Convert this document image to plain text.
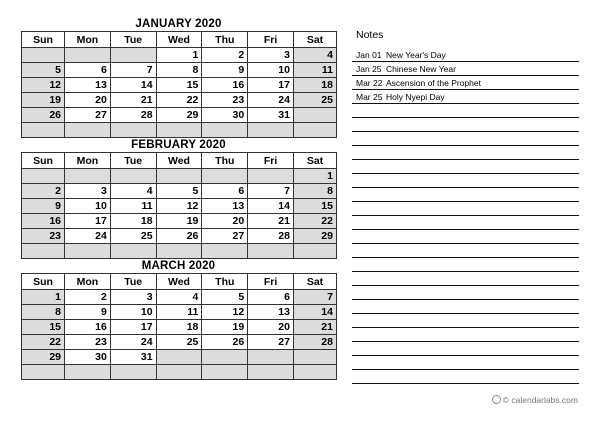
JANUARY 2020
Sun	Mon	Tue	Wed	Thu	Fri	Sat
			1	2	3	4
5	6	7	8	9	10	11
12	13	14	15	16	17	18
19	20	21	22	23	24	25
26	27	28	29	30	31	

FEBRUARY 2020
Sun	Mon	Tue	Wed	Thu	Fri	Sat
						1
2	3	4	5	6	7	8
9	10	11	12	13	14	15
16	17	18	19	20	21	22
23	24	25	26	27	28	29

MARCH 2020
Sun	Mon	Tue	Wed	Thu	Fri	Sat
1	2	3	4	5	6	7
8	9	10	11	12	13	14
15	16	17	18	19	20	21
22	23	24	25	26	27	28
29	30	31				

Notes
Jan 01 New Year's Day
Jan 25 Chinese New Year
Mar 22 Ascension of the Prophet
Mar 25 Holy Nyepi Day
© calendarlabs.com
